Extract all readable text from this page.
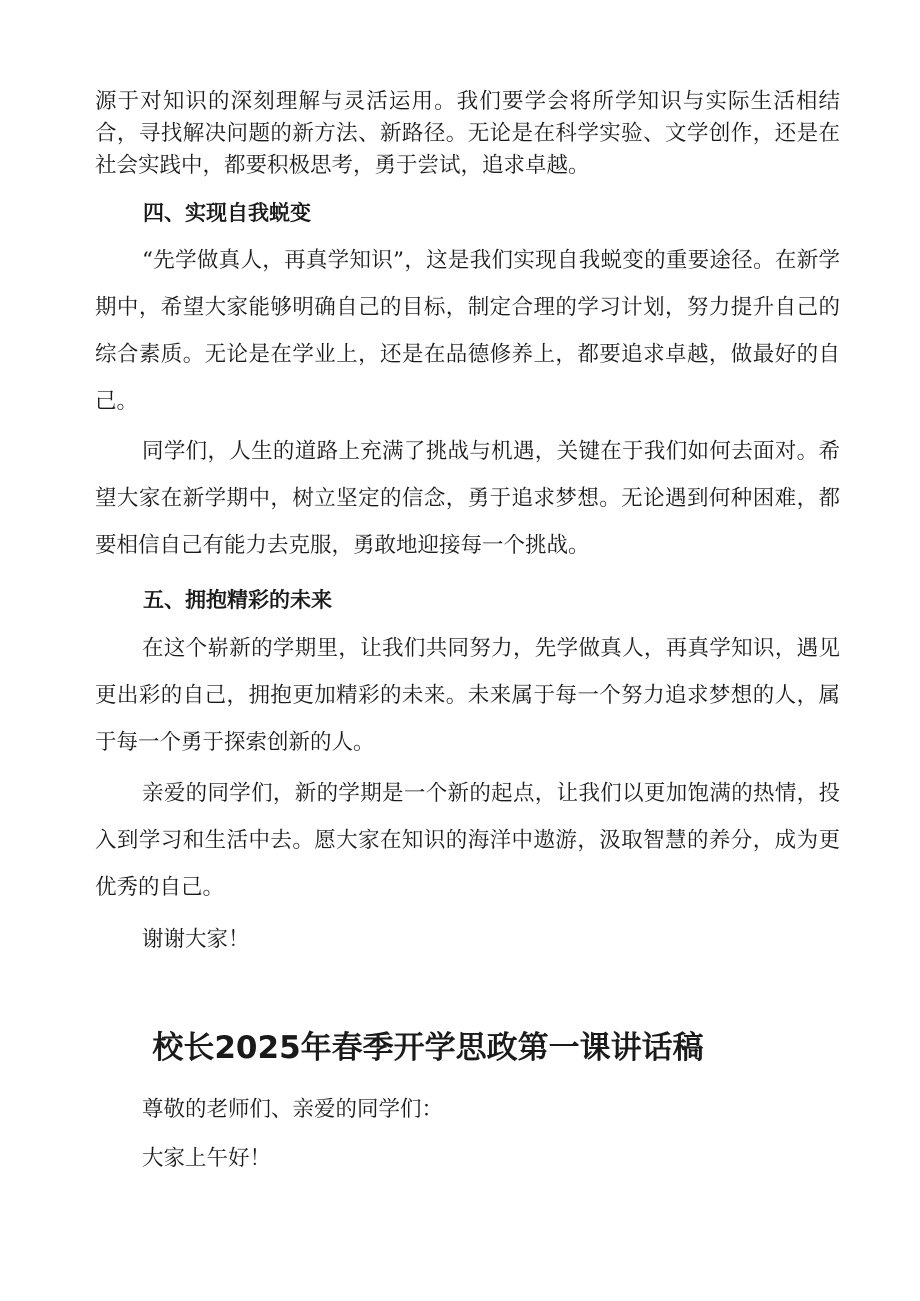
源于对知识的深刻理解与灵活运用。我们要学会将所学知识与实际生活相结合，寻找解决问题的新方法、新路径。无论是在科学实验、文学创作，还是在社会实践中，都要积极思考，勇于尝试，追求卓越。

四、实现自我蜕变

“先学做真人，再真学知识”，这是我们实现自我蜕变的重要途径。在新学期中，希望大家能够明确自己的目标，制定合理的学习计划，努力提升自己的综合素质。无论是在学业上，还是在品德修养上，都要追求卓越，做最好的自己。

同学们，人生的道路上充满了挑战与机遇，关键在于我们如何去面对。希望大家在新学期中，树立坚定的信念，勇于追求梦想。无论遇到何种困难，都要相信自己有能力去克服，勇敢地迎接每一个挑战。

五、拥抱精彩的未来

在这个崭新的学期里，让我们共同努力，先学做真人，再真学知识，遇见更出彩的自己，拥抱更加精彩的未来。未来属于每一个努力追求梦想的人，属于每一个勇于探索创新的人。

亲爱的同学们，新的学期是一个新的起点，让我们以更加饱满的热情，投入到学习和生活中去。愿大家在知识的海洋中遨游，汲取智慧的养分，成为更优秀的自己。

谢谢大家！

校长2025年春季开学思政第一课讲话稿

尊敬的老师们、亲爱的同学们：

大家上午好！
